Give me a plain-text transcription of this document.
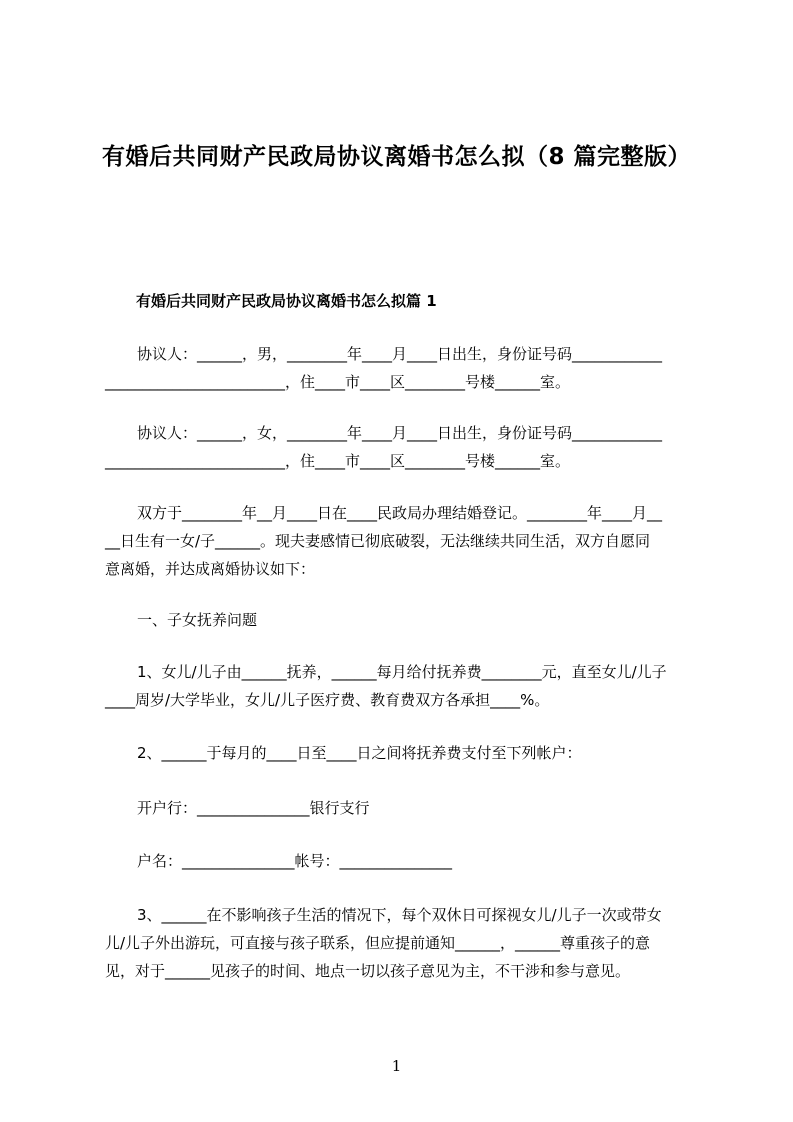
有婚后共同财产民政局协议离婚书怎么拟（8 篇完整版）
有婚后共同财产民政局协议离婚书怎么拟篇 1
协议人：______，男，________年____月____日出生，身份证号码____________
________________________，住____市____区________号楼______室。
协议人：______，女，________年____月____日出生，身份证号码____________
________________________，住____市____区________号楼______室。
双方于________年__月____日在____民政局办理结婚登记。________年____月__
__日生有一女/子______。现夫妻感情已彻底破裂，无法继续共同生活，双方自愿同
意离婚，并达成离婚协议如下：
一、子女抚养问题
1、女儿/儿子由______抚养，______每月给付抚养费________元，直至女儿/儿子
____周岁/大学毕业，女儿/儿子医疗费、教育费双方各承担____%。
2、______于每月的____日至____日之间将抚养费支付至下列帐户：
开户行：_______________银行支行
户名：_______________帐号：_______________
3、______在不影响孩子生活的情况下，每个双休日可探视女儿/儿子一次或带女
儿/儿子外出游玩，可直接与孩子联系，但应提前通知______，______尊重孩子的意
见，对于______见孩子的时间、地点一切以孩子意见为主，不干涉和参与意见。
1
